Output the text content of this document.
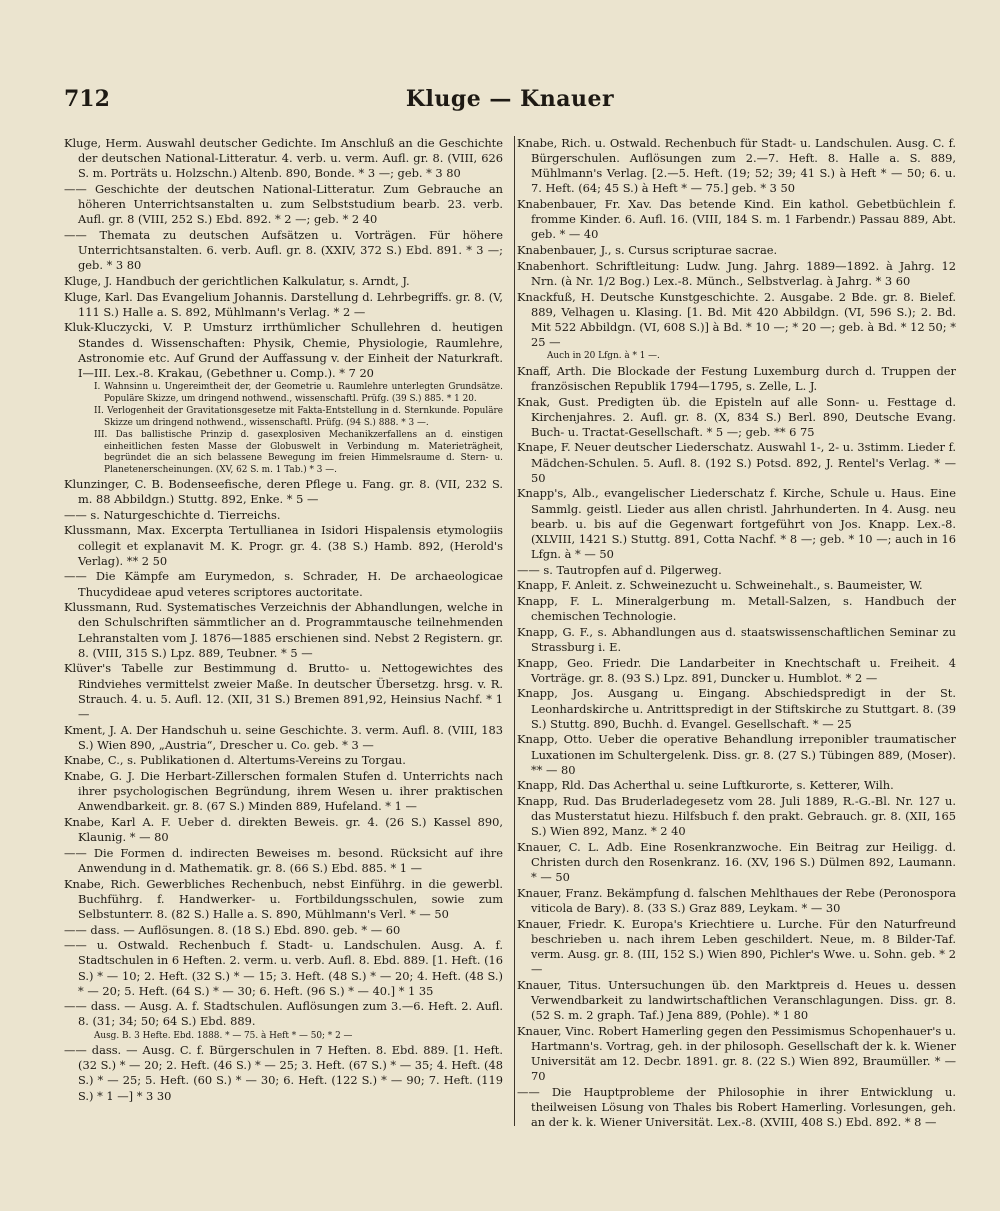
712	Kluge — Knauer

Kluge, Herm. Auswahl deutscher Gedichte. Im Anschluß an die Geschichte der deutschen National-Litteratur. 4. verb. u. verm. Aufl. gr. 8. (VIII, 626 S. m. Porträts u. Holzschn.) Altenb. 890, Bonde. * 3 —; geb. * 3 80

—— Geschichte der deutschen National-Litteratur. Zum Gebrauche an höheren Unterrichtsanstalten u. zum Selbststudium bearb. 23. verb. Aufl. gr. 8 (VIII, 252 S.) Ebd. 892. * 2 —; geb. * 2 40

—— Themata zu deutschen Aufsätzen u. Vorträgen. Für höhere Unterrichtsanstalten. 6. verb. Aufl. gr. 8. (XXIV, 372 S.) Ebd. 891. * 3 —; geb. * 3 80

Kluge, J. Handbuch der gerichtlichen Kalkulatur, s. Arndt, J.

Kluge, Karl. Das Evangelium Johannis. Darstellung d. Lehrbegriffs. gr. 8. (V, 111 S.) Halle a. S. 892, Mühlmann's Verlag. * 2 —

Kluk-Kluczycki, V. P. Umsturz irrthümlicher Schullehren d. heutigen Standes d. Wissenschaften: Physik, Chemie, Physiologie, Raumlehre, Astronomie etc. Auf Grund der Auffassung v. der Einheit der Naturkraft. I—III. Lex.-8. Krakau, (Gebethner u. Comp.). * 7 20

I. Wahnsinn u. Ungereimtheit der, der Geometrie u. Raumlehre unterlegten Grundsätze. Populäre Skizze, um dringend nothwend., wissenschaftl. Prüfg. (39 S.) 885. * 1 20.

II. Verlogenheit der Gravitationsgesetze mit Fakta-Entstellung in d. Sternkunde. Populäre Skizze um dringend nothwend., wissenschaftl. Prüfg. (94 S.) 888. * 3 —.

III. Das ballistische Prinzip d. gasexplosiven Mechanikzerfallens an d. einstigen einheitlichen festen Masse der Globuswelt in Verbindung m. Materieträgheit, begründet die an sich belassene Bewegung im freien Himmelsraume d. Stern- u. Planetenerscheinungen. (XV, 62 S. m. 1 Tab.) * 3 —.

Klunzinger, C. B. Bodenseefische, deren Pflege u. Fang. gr. 8. (VII, 232 S. m. 88 Abbildgn.) Stuttg. 892, Enke. * 5 —

—— s. Naturgeschichte d. Tierreichs.

Klussmann, Max. Excerpta Tertullianea in Isidori Hispalensis etymologiis collegit et explanavit M. K. Progr. gr. 4. (38 S.) Hamb. 892, (Herold's Verlag). ** 2 50

—— Die Kämpfe am Eurymedon, s. Schrader, H. De archaeologicae Thucydideae apud veteres scriptores auctoritate.

Klussmann, Rud. Systematisches Verzeichnis der Abhandlungen, welche in den Schulschriften sämmtlicher an d. Programmtausche teilnehmenden Lehranstalten vom J. 1876—1885 erschienen sind. Nebst 2 Registern. gr. 8. (VIII, 315 S.) Lpz. 889, Teubner. * 5 —

Klüver's Tabelle zur Bestimmung d. Brutto- u. Nettogewichtes des Rindviehes vermittelst zweier Maße. In deutscher Übersetzg. hrsg. v. R. Strauch. 4. u. 5. Aufl. 12. (XII, 31 S.) Bremen 891,92, Heinsius Nachf. * 1 —

Kment, J. A. Der Handschuh u. seine Geschichte. 3. verm. Aufl. 8. (VIII, 183 S.) Wien 890, „Austria“, Drescher u. Co. geb. * 3 —

Knabe, C., s. Publikationen d. Altertums-Vereins zu Torgau.

Knabe, G. J. Die Herbart-Zillerschen formalen Stufen d. Unterrichts nach ihrer psychologischen Begründung, ihrem Wesen u. ihrer praktischen Anwendbarkeit. gr. 8. (67 S.) Minden 889, Hufeland. * 1 —

Knabe, Karl A. F. Ueber d. direkten Beweis. gr. 4. (26 S.) Kassel 890, Klaunig. * — 80

—— Die Formen d. indirecten Beweises m. besond. Rücksicht auf ihre Anwendung in d. Mathematik. gr. 8. (66 S.) Ebd. 885. * 1 —

Knabe, Rich. Gewerbliches Rechenbuch, nebst Einführg. in die gewerbl. Buchführg. f. Handwerker- u. Fortbildungsschulen, sowie zum Selbstunterr. 8. (82 S.) Halle a. S. 890, Mühlmann's Verl. * — 50

—— dass. — Auflösungen. 8. (18 S.) Ebd. 890. geb. * — 60

—— u. Ostwald. Rechenbuch f. Stadt- u. Landschulen. Ausg. A. f. Stadtschulen in 6 Heften. 2. verm. u. verb. Aufl. 8. Ebd. 889. [1. Heft. (16 S.) * — 10; 2. Heft. (32 S.) * — 15; 3. Heft. (48 S.) * — 20; 4. Heft. (48 S.) * — 20; 5. Heft. (64 S.) * — 30; 6. Heft. (96 S.) * — 40.] * 1 35

—— dass. — Ausg. A. f. Stadtschulen. Auflösungen zum 3.—6. Heft. 2. Aufl. 8. (31; 34; 50; 64 S.) Ebd. 889.

Ausg. B. 3 Hefte. Ebd. 1888. * — 75. à Heft * — 50; * 2 —

—— dass. — Ausg. C. f. Bürgerschulen in 7 Heften. 8. Ebd. 889. [1. Heft. (32 S.) * — 20; 2. Heft. (46 S.) * — 25; 3. Heft. (67 S.) * — 35; 4. Heft. (48 S.) * — 25; 5. Heft. (60 S.) * — 30; 6. Heft. (122 S.) * — 90; 7. Heft. (119 S.) * 1 —] * 3 30

Knabe, Rich. u. Ostwald. Rechenbuch für Stadt- u. Landschulen. Ausg. C. f. Bürgerschulen. Auflösungen zum 2.—7. Heft. 8. Halle a. S. 889, Mühlmann's Verlag. [2.—5. Heft. (19; 52; 39; 41 S.) à Heft * — 50; 6. u. 7. Heft. (64; 45 S.) à Heft * — 75.] geb. * 3 50

Knabenbauer, Fr. Xav. Das betende Kind. Ein kathol. Gebetbüchlein f. fromme Kinder. 6. Aufl. 16. (VIII, 184 S. m. 1 Farbendr.) Passau 889, Abt. geb. * — 40

Knabenbauer, J., s. Cursus scripturae sacrae.

Knabenhort. Schriftleitung: Ludw. Jung. Jahrg. 1889—1892. à Jahrg. 12 Nrn. (à Nr. 1/2 Bog.) Lex.-8. Münch., Selbstverlag. à Jahrg. * 3 60

Knackfuß, H. Deutsche Kunstgeschichte. 2. Ausgabe. 2 Bde. gr. 8. Bielef. 889, Velhagen u. Klasing. [1. Bd. Mit 420 Abbildgn. (VI, 596 S.); 2. Bd. Mit 522 Abbildgn. (VI, 608 S.)] à Bd. * 10 —; * 20 —; geb. à Bd. * 12 50; * 25 —

Auch in 20 Lfgn. à * 1 —.

Knaff, Arth. Die Blockade der Festung Luxemburg durch d. Truppen der französischen Republik 1794—1795, s. Zelle, L. J.

Knak, Gust. Predigten üb. die Episteln auf alle Sonn- u. Festtage d. Kirchenjahres. 2. Aufl. gr. 8. (X, 834 S.) Berl. 890, Deutsche Evang. Buch- u. Tractat-Gesellschaft. * 5 —; geb. ** 6 75

Knape, F. Neuer deutscher Liederschatz. Auswahl 1-, 2- u. 3stimm. Lieder f. Mädchen-Schulen. 5. Aufl. 8. (192 S.) Potsd. 892, J. Rentel's Verlag. * — 50

Knapp's, Alb., evangelischer Liederschatz f. Kirche, Schule u. Haus. Eine Sammlg. geistl. Lieder aus allen christl. Jahrhunderten. In 4. Ausg. neu bearb. u. bis auf die Gegenwart fortgeführt von Jos. Knapp. Lex.-8. (XLVIII, 1421 S.) Stuttg. 891, Cotta Nachf. * 8 —; geb. * 10 —; auch in 16 Lfgn. à * — 50

—— s. Tautropfen auf d. Pilgerweg.

Knapp, F. Anleit. z. Schweinezucht u. Schweinehalt., s. Baumeister, W.

Knapp, F. L. Mineralgerbung m. Metall-Salzen, s. Handbuch der chemischen Technologie.

Knapp, G. F., s. Abhandlungen aus d. staatswissenschaftlichen Seminar zu Strassburg i. E.

Knapp, Geo. Friedr. Die Landarbeiter in Knechtschaft u. Freiheit. 4 Vorträge. gr. 8. (93 S.) Lpz. 891, Duncker u. Humblot. * 2 —

Knapp, Jos. Ausgang u. Eingang. Abschiedspredigt in der St. Leonhardskirche u. Antrittspredigt in der Stiftskirche zu Stuttgart. 8. (39 S.) Stuttg. 890, Buchh. d. Evangel. Gesellschaft. * — 25

Knapp, Otto. Ueber die operative Behandlung irreponibler traumatischer Luxationen im Schultergelenk. Diss. gr. 8. (27 S.) Tübingen 889, (Moser). ** — 80

Knapp, Rld. Das Acherthal u. seine Luftkurorte, s. Ketterer, Wilh.

Knapp, Rud. Das Bruderladegesetz vom 28. Juli 1889, R.-G.-Bl. Nr. 127 u. das Musterstatut hiezu. Hilfsbuch f. den prakt. Gebrauch. gr. 8. (XII, 165 S.) Wien 892, Manz. * 2 40

Knauer, C. L. Adb. Eine Rosenkranzwoche. Ein Beitrag zur Heiligg. d. Christen durch den Rosenkranz. 16. (XV, 196 S.) Dülmen 892, Laumann. * — 50

Knauer, Franz. Bekämpfung d. falschen Mehlthaues der Rebe (Peronospora viticola de Bary). 8. (33 S.) Graz 889, Leykam. * — 30

Knauer, Friedr. K. Europa's Kriechtiere u. Lurche. Für den Naturfreund beschrieben u. nach ihrem Leben geschildert. Neue, m. 8 Bilder-Taf. verm. Ausg. gr. 8. (III, 152 S.) Wien 890, Pichler's Wwe. u. Sohn. geb. * 2 —

Knauer, Titus. Untersuchungen üb. den Marktpreis d. Heues u. dessen Verwendbarkeit zu landwirtschaftlichen Veranschlagungen. Diss. gr. 8. (52 S. m. 2 graph. Taf.) Jena 889, (Pohle). * 1 80

Knauer, Vinc. Robert Hamerling gegen den Pessimismus Schopenhauer's u. Hartmann's. Vortrag, geh. in der philosoph. Gesellschaft der k. k. Wiener Universität am 12. Decbr. 1891. gr. 8. (22 S.) Wien 892, Braumüller. * — 70

—— Die Hauptprobleme der Philosophie in ihrer Entwicklung u. theilweisen Lösung von Thales bis Robert Hamerling. Vorlesungen, geh. an der k. k. Wiener Universität. Lex.-8. (XVIII, 408 S.) Ebd. 892. * 8 —
